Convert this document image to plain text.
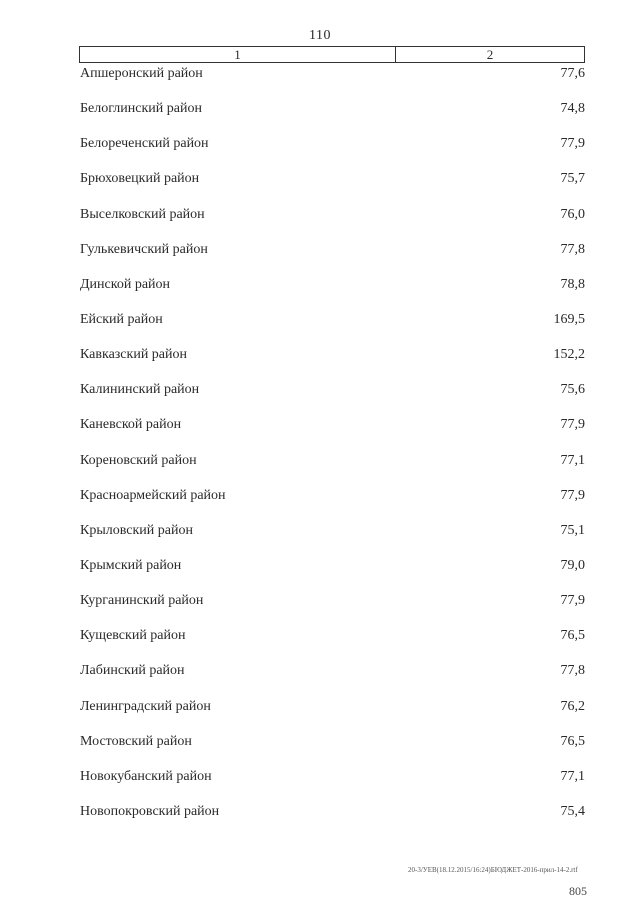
110
1	2
Апшеронский район	77,6
Белоглинский район	74,8
Белореченский район	77,9
Брюховецкий район	75,7
Выселковский район	76,0
Гулькевичский район	77,8
Динской район	78,8
Ейский район	169,5
Кавказский район	152,2
Калининский район	75,6
Каневской район	77,9
Кореновский район	77,1
Красноармейский район	77,9
Крыловский район	75,1
Крымский район	79,0
Курганинский район	77,9
Кущевский район	76,5
Лабинский район	77,8
Ленинградский район	76,2
Мостовский район	76,5
Новокубанский район	77,1
Новопокровский район	75,4
20-3/УЕВ(18.12.2015/16:24)БЮДЖЕТ-2016-прил-14-2.rtf
805
